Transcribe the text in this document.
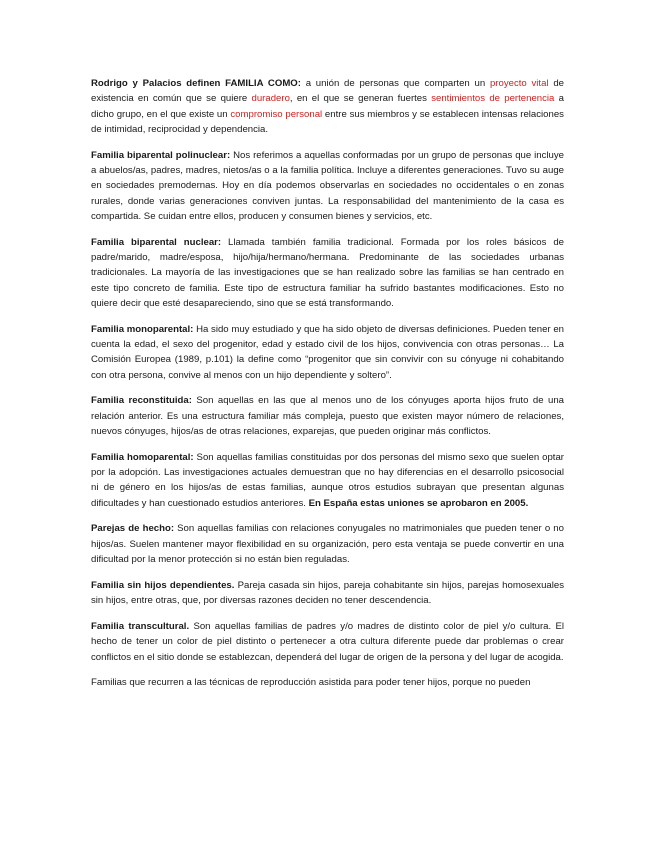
Rodrigo y Palacios definen FAMILIA COMO: a unión de personas que comparten un proyecto vital de existencia en común que se quiere duradero, en el que se generan fuertes sentimientos de pertenencia a dicho grupo, en el que existe un compromiso personal entre sus miembros y se establecen intensas relaciones de intimidad, reciprocidad y dependencia.

Familia biparental polinuclear: Nos referimos a aquellas conformadas por un grupo de personas que incluye a abuelos/as, padres, madres, nietos/as o a la familia política. Incluye a diferentes generaciones. Tuvo su auge en sociedades premodernas. Hoy en día podemos observarlas en sociedades no occidentales o en zonas rurales, donde varias generaciones conviven juntas. La responsabilidad del mantenimiento de la casa es compartida. Se cuidan entre ellos, producen y consumen bienes y servicios, etc.

Familia biparental nuclear: Llamada también familia tradicional. Formada por los roles básicos de padre/marido, madre/esposa, hijo/hija/hermano/hermana. Predominante de las sociedades urbanas tradicionales. La mayoría de las investigaciones que se han realizado sobre las familias se han centrado en este tipo concreto de familia. Este tipo de estructura familiar ha sufrido bastantes modificaciones. Esto no quiere decir que esté desapareciendo, sino que se está transformando.

Familia monoparental: Ha sido muy estudiado y que ha sido objeto de diversas definiciones. Pueden tener en cuenta la edad, el sexo del progenitor, edad y estado civil de los hijos, convivencia con otras personas… La Comisión Europea (1989, p.101) la define como “progenitor que sin convivir con su cónyuge ni cohabitando con otra persona, convive al menos con un hijo dependiente y soltero”.

Familia reconstituida: Son aquellas en las que al menos uno de los cónyuges aporta hijos fruto de una relación anterior. Es una estructura familiar más compleja, puesto que existen mayor número de relaciones, nuevos cónyuges, hijos/as de otras relaciones, exparejas, que pueden originar más conflictos.

Familia homoparental: Son aquellas familias constituidas por dos personas del mismo sexo que suelen optar por la adopción. Las investigaciones actuales demuestran que no hay diferencias en el desarrollo psicosocial ni de género en los hijos/as de estas familias, aunque otros estudios subrayan que presentan algunas dificultades y han cuestionado estudios anteriores. En España estas uniones se aprobaron en 2005.

Parejas de hecho: Son aquellas familias con relaciones conyugales no matrimoniales que pueden tener o no hijos/as. Suelen mantener mayor flexibilidad en su organización, pero esta ventaja se puede convertir en una dificultad por la menor protección si no están bien reguladas.

Familia sin hijos dependientes. Pareja casada sin hijos, pareja cohabitante sin hijos, parejas homosexuales sin hijos, entre otras, que, por diversas razones deciden no tener descendencia.

Familia transcultural. Son aquellas familias de padres y/o madres de distinto color de piel y/o cultura. El hecho de tener un color de piel distinto o pertenecer a otra cultura diferente puede dar problemas o crear conflictos en el sitio donde se establezcan, dependerá del lugar de origen de la persona y del lugar de acogida.

Familias que recurren a las técnicas de reproducción asistida para poder tener hijos, porque no pueden
